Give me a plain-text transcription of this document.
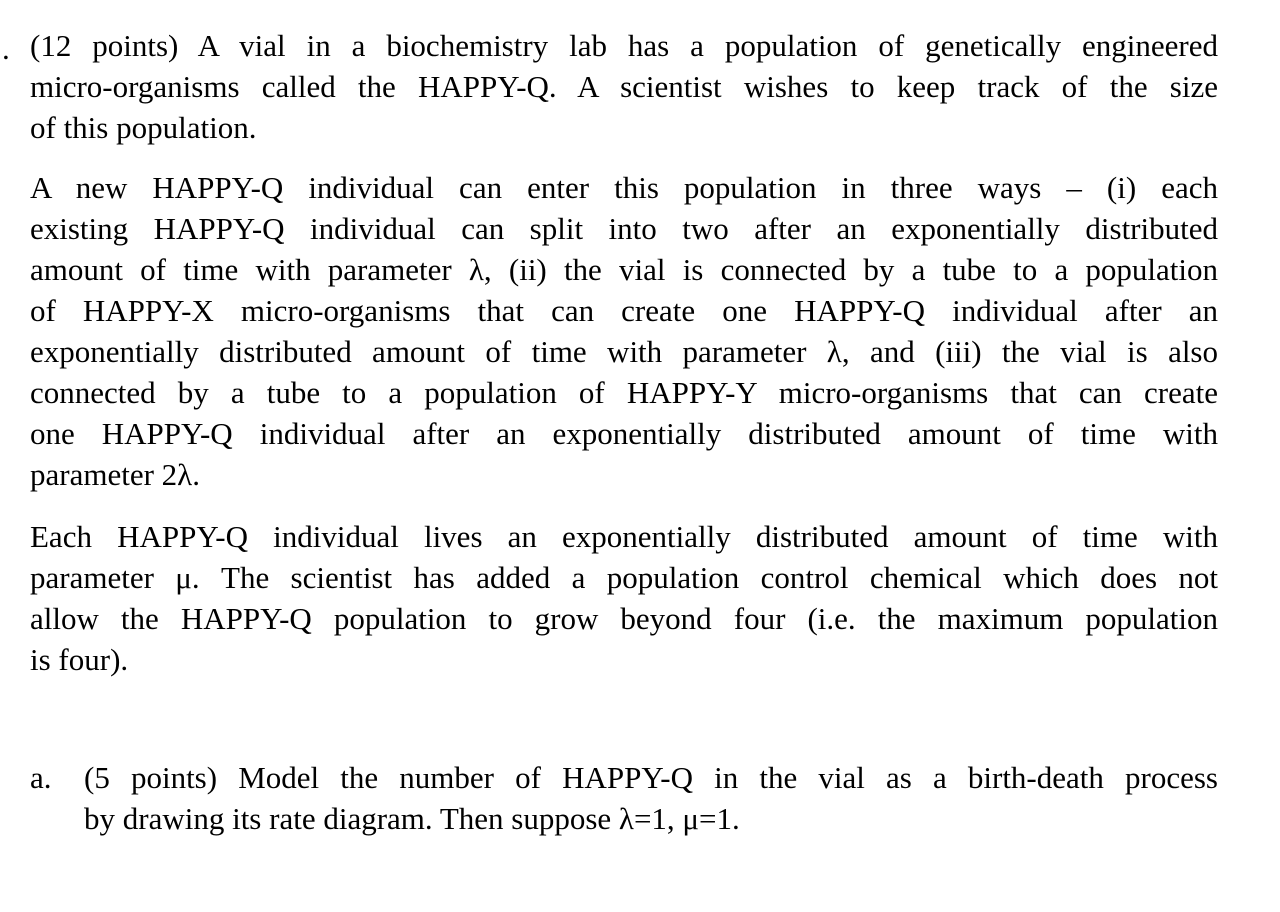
. (12 points) A vial in a biochemistry lab has a population of genetically engineered
micro-organisms called the HAPPY-Q. A scientist wishes to keep track of the size
of this population.

A new HAPPY-Q individual can enter this population in three ways – (i) each
existing HAPPY-Q individual can split into two after an exponentially distributed
amount of time with parameter λ, (ii) the vial is connected by a tube to a population
of HAPPY-X micro-organisms that can create one HAPPY-Q individual after an
exponentially distributed amount of time with parameter λ, and (iii) the vial is also
connected by a tube to a population of HAPPY-Y micro-organisms that can create
one HAPPY-Q individual after an exponentially distributed amount of time with
parameter 2λ.

Each HAPPY-Q individual lives an exponentially distributed amount of time with
parameter μ. The scientist has added a population control chemical which does not
allow the HAPPY-Q population to grow beyond four (i.e. the maximum population
is four).

a. (5 points) Model the number of HAPPY-Q in the vial as a birth-death process
by drawing its rate diagram. Then suppose λ=1, μ=1.
